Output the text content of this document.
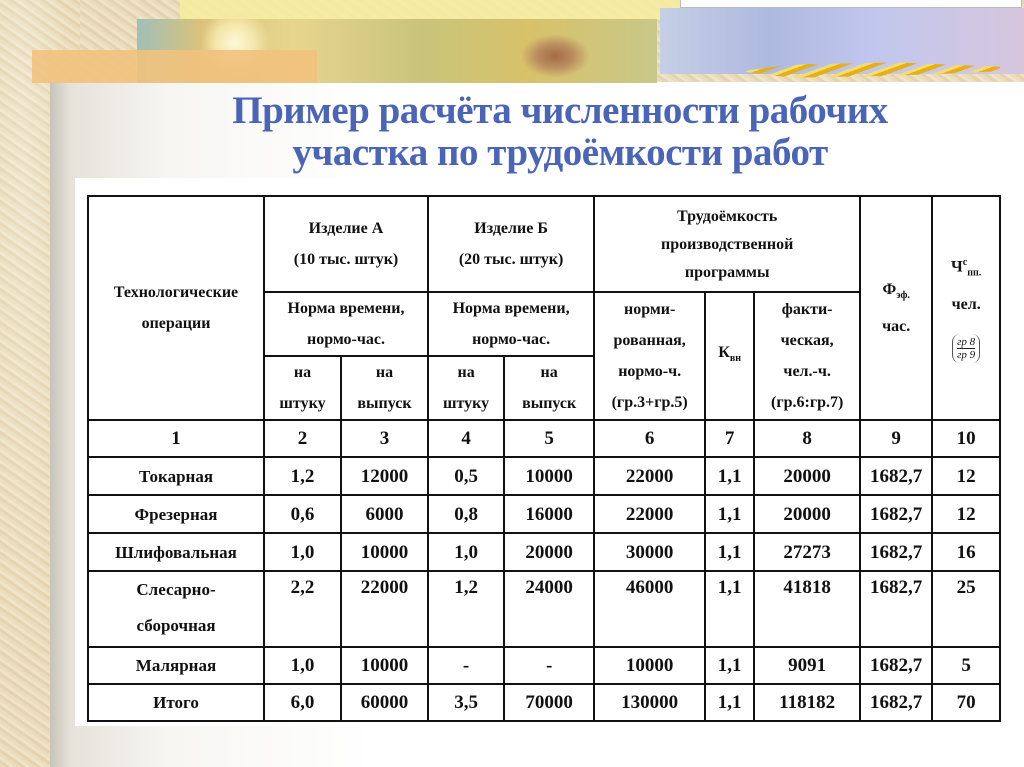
Пример расчёта численности рабочих
участка по трудоёмкости работ
Технологические операции	
Изделие А
(10 тыс. штук)

Изделие Б
(20 тыс. штук)
	Трудоёмкость производственной программы	
$Ф_{эф.}$
час.

$Ч^с_{пп.}$
чел.
$\frac{гр 8}{гр 9}$

	Норма времени, нормо-час.		Норма времени, нормо-час.		норми-рованная, нормо-ч. (гр.3+гр.5)	$К_{вн}$	факти-ческая, чел.-ч. (гр.6:гр.7)		
	на штуку	на выпуск	на штуку	на выпуск					
1	2	3	4	5	6	7	8	9	10
Токарная	1,2	12000	0,5	10000	22000	1,1	20000	1682,7	12
Фрезерная	0,6	6000	0,8	16000	22000	1,1	20000	1682,7	12
Шлифовальная	1,0	10000	1,0	20000	30000	1,1	27273	1682,7	16

Слесарно-
сборочная	2,2	22000	1,2	24000	46000	1,1	41818	1682,7	25
Малярная	1,0	10000	-	-	10000	1,1	9091	1682,7	5
Итого	6,0	60000	3,5	70000	130000	1,1	118182	1682,7	70
